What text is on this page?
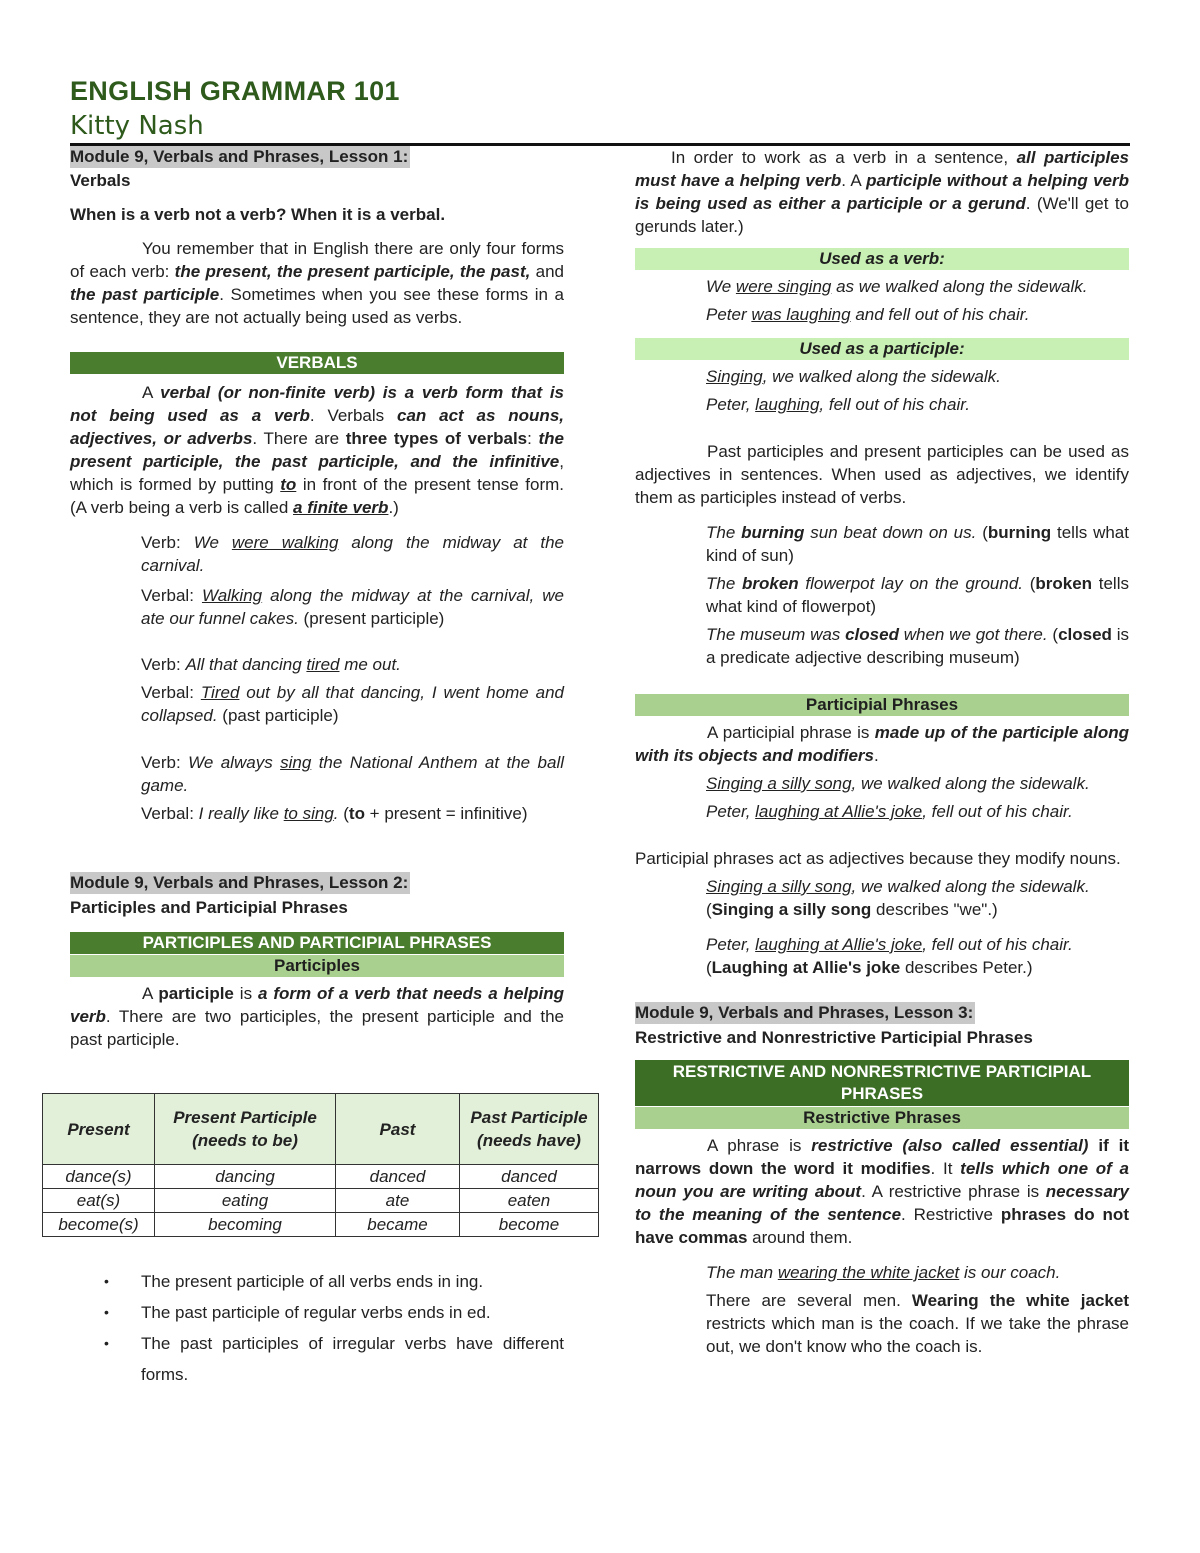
ENGLISH GRAMMAR 101
Kitty Nash
Module 9, Verbals and Phrases, Lesson 1:

Verbals

When is a verb not a verb? When it is a verbal.

You remember that in English there are only four forms of each verb: the present, the present participle, the past, and the past participle. Sometimes when you see these forms in a sentence, they are not actually being used as verbs.

VERBALS

A verbal (or non-finite verb) is a verb form that is not being used as a verb. Verbals can act as nouns, adjectives, or adverbs. There are three types of verbals: the present participle, the past participle, and the infinitive, which is formed by putting to in front of the present tense form. (A verb being a verb is called a finite verb.)

Verb: We were walking along the midway at the carnival.

Verbal: Walking along the midway at the carnival, we ate our funnel cakes. (present participle)

Verb: All that dancing tired me out.

Verbal: Tired out by all that dancing, I went home and collapsed. (past participle)

Verb: We always sing the National Anthem at the ball game.

Verbal: I really like to sing. (to + present = infinitive)

Module 9, Verbals and Phrases, Lesson 2:

Participles and Participial Phrases

PARTICIPLES AND PARTICIPIAL PHRASES
Participles

A participle is a form of a verb that needs a helping verb. There are two participles, the present participle and the past participle.

Present	Present Participle (needs to be)	Past	Past Participle (needs have)
dance(s)	dancing	danced	danced
eat(s)	eating	ate	eaten
become(s)	becoming	became	become
• The present participle of all verbs ends in ing.
• The past participle of regular verbs ends in ed.
• The past participles of irregular verbs have different forms.

In order to work as a verb in a sentence, all participles must have a helping verb. A participle without a helping verb is being used as either a participle or a gerund. (We'll get to gerunds later.)

Used as a verb:

We were singing as we walked along the sidewalk.

Peter was laughing and fell out of his chair.

Used as a participle:

Singing, we walked along the sidewalk.

Peter, laughing, fell out of his chair.

Past participles and present participles can be used as adjectives in sentences. When used as adjectives, we identify them as participles instead of verbs.

The burning sun beat down on us. (burning tells what kind of sun)

The broken flowerpot lay on the ground. (broken tells what kind of flowerpot)

The museum was closed when we got there. (closed is a predicate adjective describing museum)

Participial Phrases

A participial phrase is made up of the participle along with its objects and modifiers.

Singing a silly song, we walked along the sidewalk.

Peter, laughing at Allie's joke, fell out of his chair.

Participial phrases act as adjectives because they modify nouns.

Singing a silly song, we walked along the sidewalk.

(Singing a silly song describes "we".)

Peter, laughing at Allie's joke, fell out of his chair.

(Laughing at Allie's joke describes Peter.)

Module 9, Verbals and Phrases, Lesson 3:

Restrictive and Nonrestrictive Participial Phrases

RESTRICTIVE AND NONRESTRICTIVE PARTICIPIAL PHRASES
Restrictive Phrases

A phrase is restrictive (also called essential) if it narrows down the word it modifies. It tells which one of a noun you are writing about. A restrictive phrase is necessary to the meaning of the sentence. Restrictive phrases do not have commas around them.

The man wearing the white jacket is our coach.

There are several men. Wearing the white jacket restricts which man is the coach. If we take the phrase out, we don't know who the coach is.
